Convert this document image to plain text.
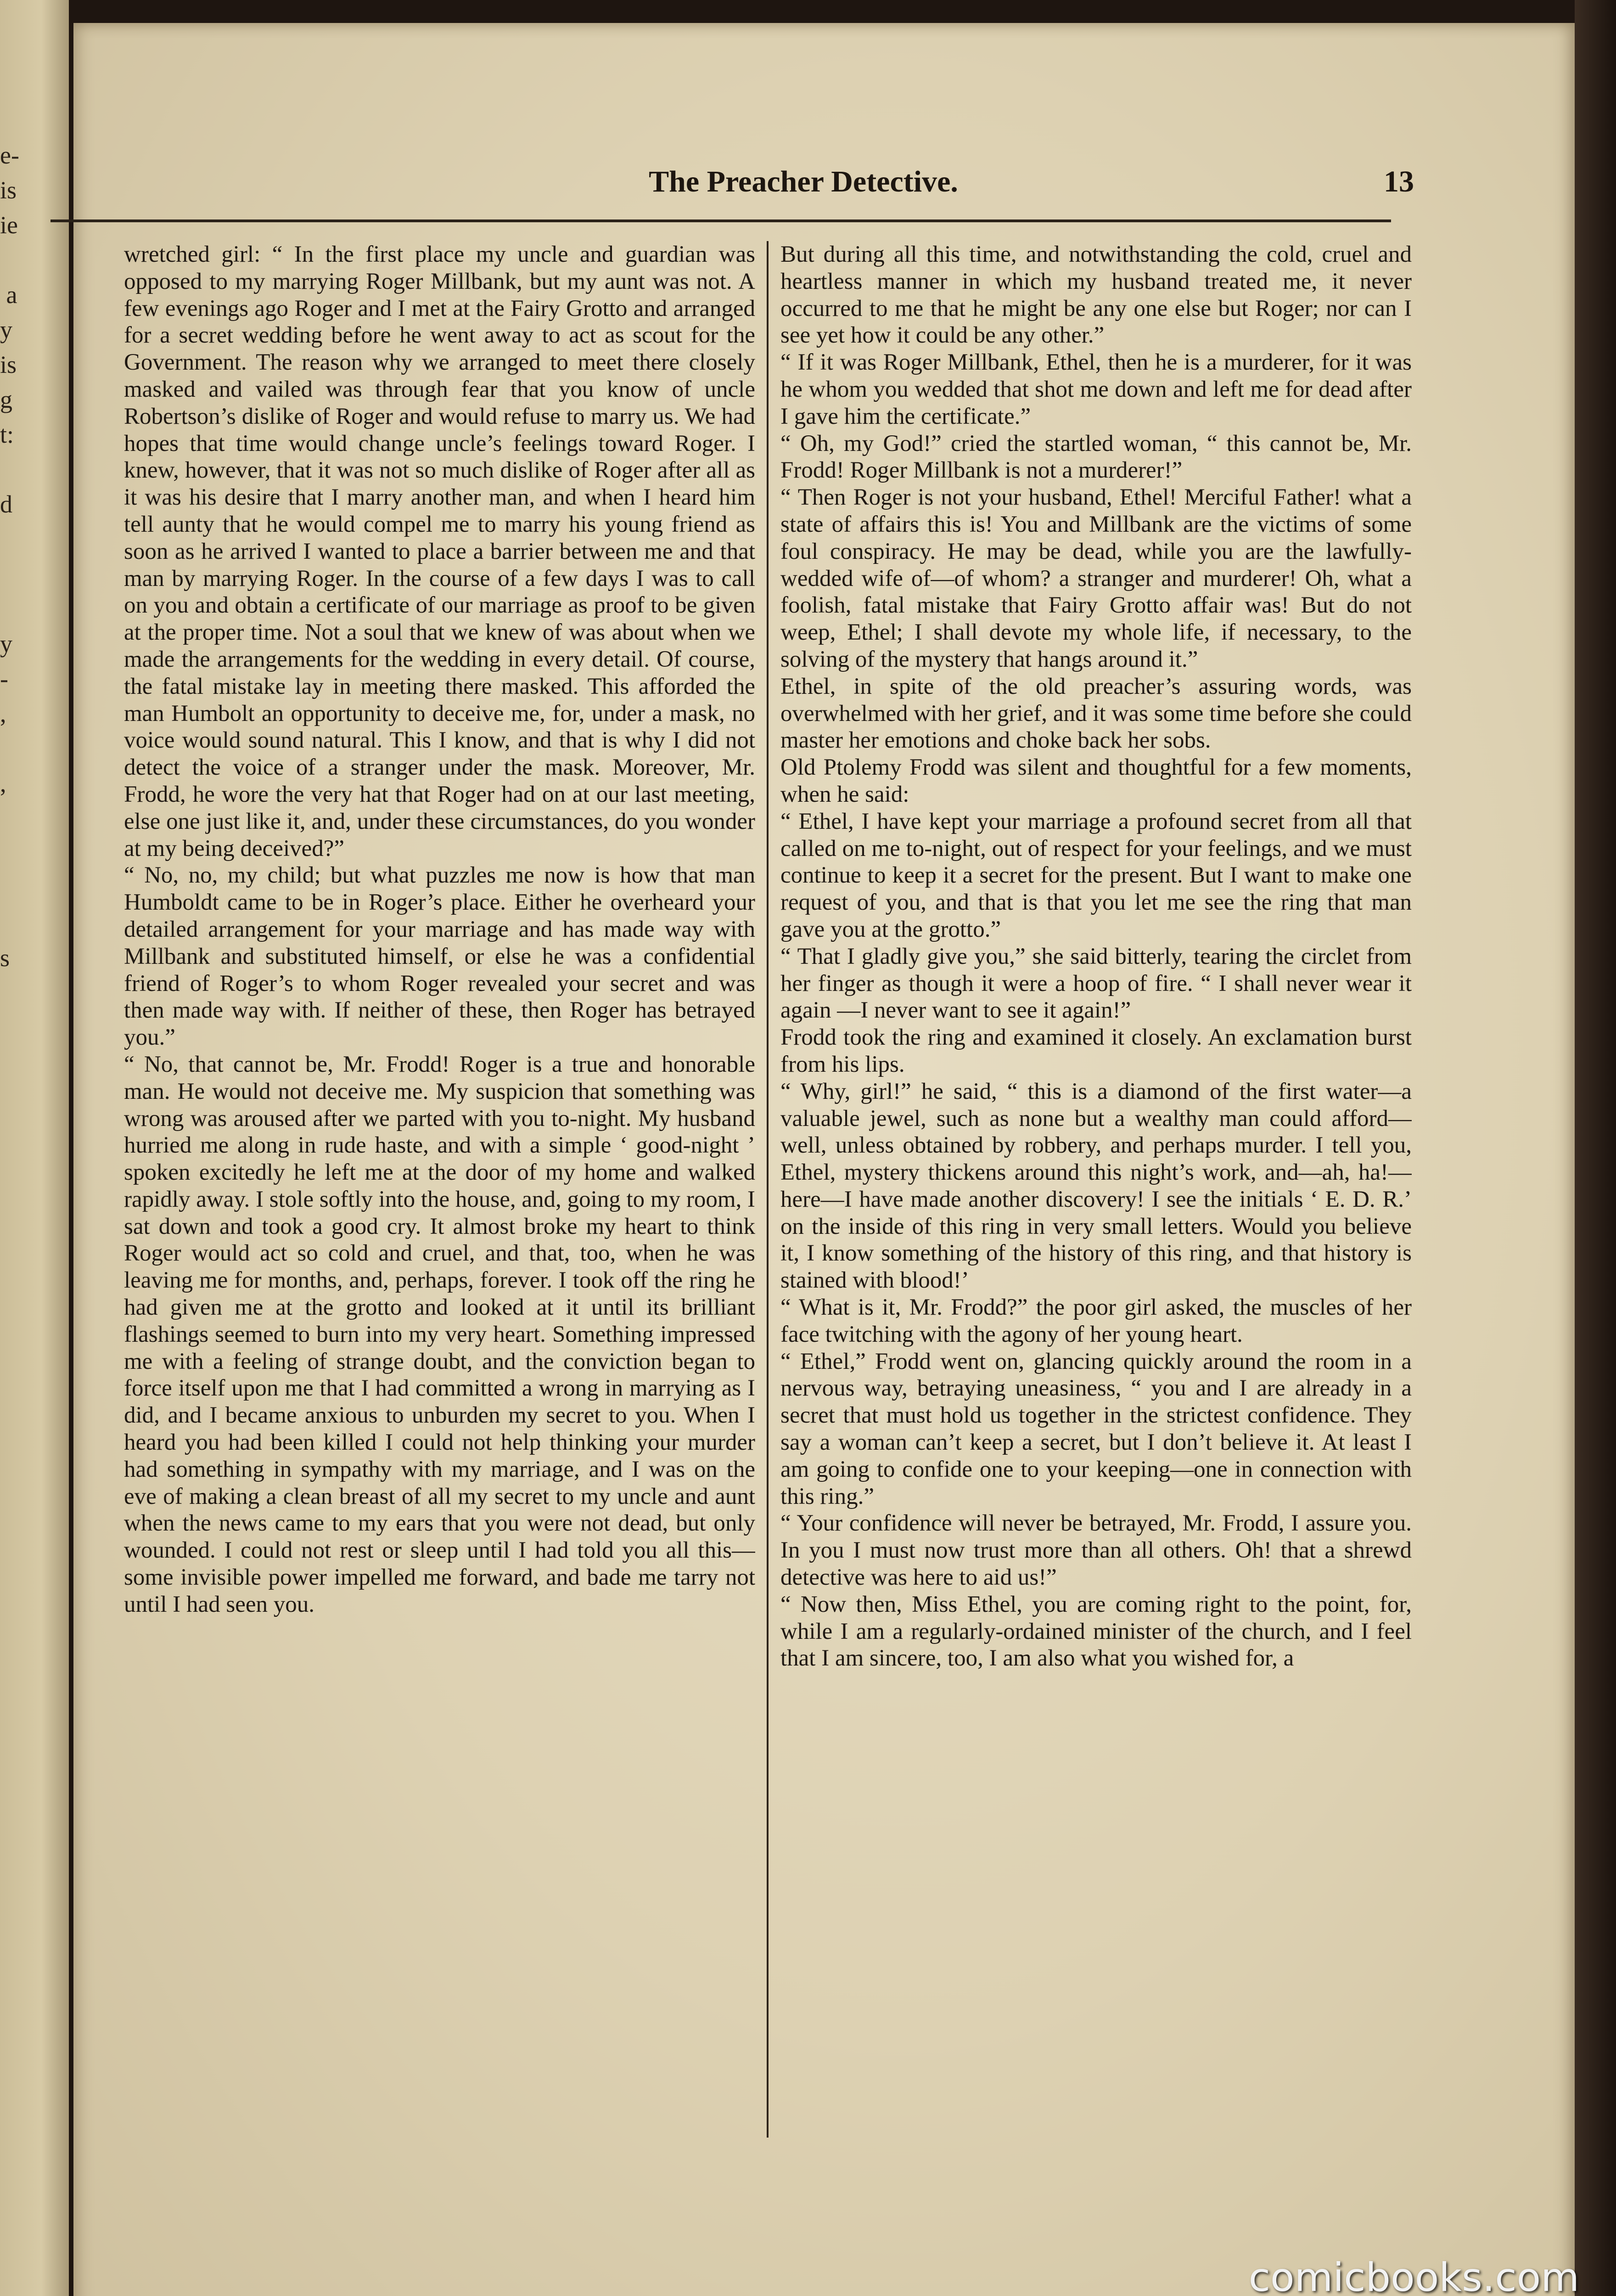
e-
is
ie

a
y
is
g
t:

d

y
-
,

,

s
The Preacher Detective.	13

wretched girl: “ In the first place my uncle and guardian was opposed to my marrying Roger Millbank, but my aunt was not. A few evenings ago Roger and I met at the Fairy Grotto and arranged for a secret wedding before he went away to act as scout for the Government. The reason why we arranged to meet there closely masked and vailed was through fear that you know of uncle Robertson’s dislike of Roger and would refuse to marry us. We had hopes that time would change uncle’s feelings toward Roger. I knew, however, that it was not so much dislike of Roger after all as it was his desire that I marry another man, and when I heard him tell aunty that he would compel me to marry his young friend as soon as he arrived I wanted to place a barrier between me and that man by marrying Roger. In the course of a few days I was to call on you and obtain a certificate of our marriage as proof to be given at the proper time. Not a soul that we knew of was about when we made the arrangements for the wedding in every detail. Of course, the fatal mistake lay in meeting there masked. This afforded the man Humbolt an opportunity to deceive me, for, under a mask, no voice would sound natural. This I know, and that is why I did not detect the voice of a stranger under the mask. Moreover, Mr. Frodd, he wore the very hat that Roger had on at our last meeting, else one just like it, and, under these circumstances, do you wonder at my being deceived?”

“ No, no, my child; but what puzzles me now is how that man Humboldt came to be in Roger’s place. Either he overheard your detailed arrangement for your marriage and has made way with Millbank and substituted himself, or else he was a confidential friend of Roger’s to whom Roger revealed your secret and was then made way with. If neither of these, then Roger has betrayed you.”

“ No, that cannot be, Mr. Frodd! Roger is a true and honorable man. He would not deceive me. My suspicion that something was wrong was aroused after we parted with you to-night. My husband hurried me along in rude haste, and with a simple ‘ good-night ’ spoken excitedly he left me at the door of my home and walked rapidly away. I stole softly into the house, and, going to my room, I sat down and took a good cry. It almost broke my heart to think Roger would act so cold and cruel, and that, too, when he was leaving me for months, and, perhaps, forever. I took off the ring he had given me at the grotto and looked at it until its brilliant flashings seemed to burn into my very heart. Something impressed me with a feeling of strange doubt, and the conviction began to force itself upon me that I had committed a wrong in marrying as I did, and I became anxious to unburden my secret to you. When I heard you had been killed I could not help thinking your murder had something in sympathy with my marriage, and I was on the eve of making a clean breast of all my secret to my uncle and aunt when the news came to my ears that you were not dead, but only wounded. I could not rest or sleep until I had told you all this—some invisible power impelled me forward, and bade me tarry not until I had seen you.

But during all this time, and notwithstanding the cold, cruel and heartless manner in which my husband treated me, it never occurred to me that he might be any one else but Roger; nor can I see yet how it could be any other.”

“ If it was Roger Millbank, Ethel, then he is a murderer, for it was he whom you wedded that shot me down and left me for dead after I gave him the certificate.”

“ Oh, my God!” cried the startled woman, “ this cannot be, Mr. Frodd! Roger Millbank is not a murderer!”

“ Then Roger is not your husband, Ethel! Merciful Father! what a state of affairs this is! You and Millbank are the victims of some foul conspiracy. He may be dead, while you are the lawfully-wedded wife of—of whom? a stranger and murderer! Oh, what a foolish, fatal mistake that Fairy Grotto affair was! But do not weep, Ethel; I shall devote my whole life, if necessary, to the solving of the mystery that hangs around it.”

Ethel, in spite of the old preacher’s assuring words, was overwhelmed with her grief, and it was some time before she could master her emotions and choke back her sobs.

Old Ptolemy Frodd was silent and thoughtful for a few moments, when he said:

“ Ethel, I have kept your marriage a profound secret from all that called on me to-night, out of respect for your feelings, and we must continue to keep it a secret for the present. But I want to make one request of you, and that is that you let me see the ring that man gave you at the grotto.”

“ That I gladly give you,” she said bitterly, tearing the circlet from her finger as though it were a hoop of fire. “ I shall never wear it again —I never want to see it again!”

Frodd took the ring and examined it closely. An exclamation burst from his lips.

“ Why, girl!” he said, “ this is a diamond of the first water—a valuable jewel, such as none but a wealthy man could afford— well, unless obtained by robbery, and perhaps murder. I tell you, Ethel, mystery thickens around this night’s work, and—ah, ha!—here—I have made another discovery! I see the initials ‘ E. D. R.’ on the inside of this ring in very small letters. Would you believe it, I know something of the history of this ring, and that history is stained with blood!’

“ What is it, Mr. Frodd?” the poor girl asked, the muscles of her face twitching with the agony of her young heart.

“ Ethel,” Frodd went on, glancing quickly around the room in a nervous way, betraying uneasiness, “ you and I are already in a secret that must hold us together in the strictest confidence. They say a woman can’t keep a secret, but I don’t believe it. At least I am going to confide one to your keeping—one in connection with this ring.”

“ Your confidence will never be betrayed, Mr. Frodd, I assure you. In you I must now trust more than all others. Oh! that a shrewd detective was here to aid us!”

“ Now then, Miss Ethel, you are coming right to the point, for, while I am a regularly-ordained minister of the church, and I feel that I am sincere, too, I am also what you wished for, a

comicbooks.com
